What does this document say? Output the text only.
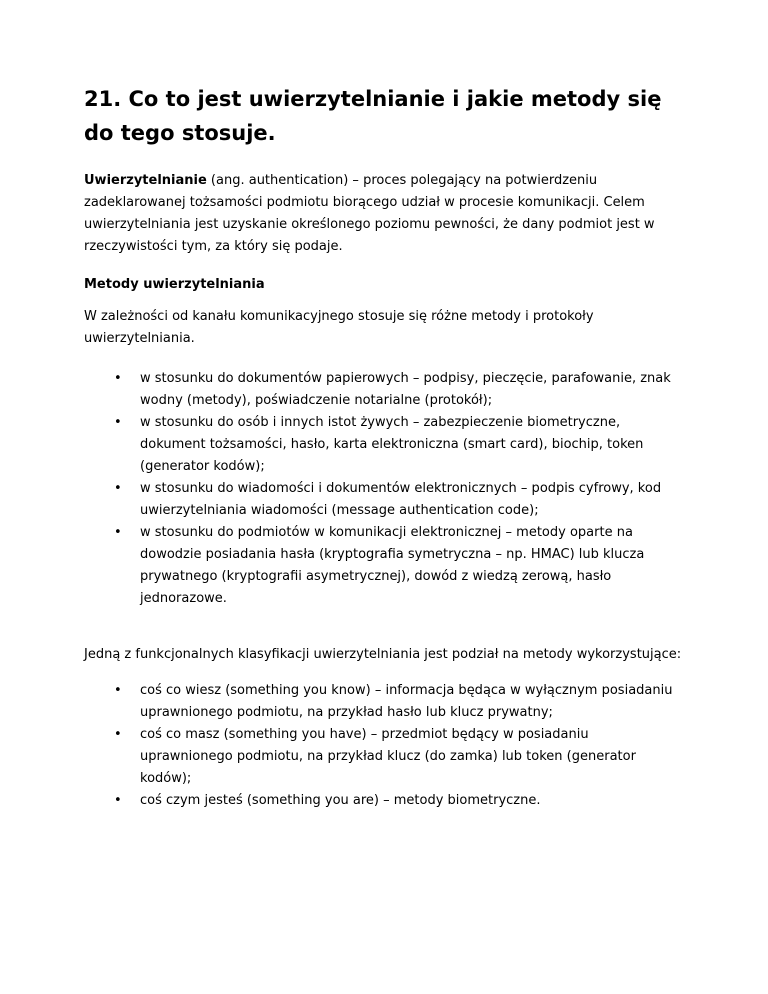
21. Co to jest uwierzytelnianie i jakie metody się do tego stosuje.

Uwierzytelnianie (ang. authentication) – proces polegający na potwierdzeniu zadeklarowanej tożsamości podmiotu biorącego udział w procesie komunikacji. Celem uwierzytelniania jest uzyskanie określonego poziomu pewności, że dany podmiot jest w rzeczywistości tym, za który się podaje.

Metody uwierzytelniania

W zależności od kanału komunikacyjnego stosuje się różne metody i protokoły uwierzytelniania.

• w stosunku do dokumentów papierowych – podpisy, pieczęcie, parafowanie, znak wodny (metody), poświadczenie notarialne (protokół);
• w stosunku do osób i innych istot żywych – zabezpieczenie biometryczne, dokument tożsamości, hasło, karta elektroniczna (smart card), biochip, token (generator kodów);
• w stosunku do wiadomości i dokumentów elektronicznych – podpis cyfrowy, kod uwierzytelniania wiadomości (message authentication code);
• w stosunku do podmiotów w komunikacji elektronicznej – metody oparte na dowodzie posiadania hasła (kryptografia symetryczna – np. HMAC) lub klucza prywatnego (kryptografii asymetrycznej), dowód z wiedzą zerową, hasło jednorazowe.

Jedną z funkcjonalnych klasyfikacji uwierzytelniania jest podział na metody wykorzystujące:

• coś co wiesz (something you know) – informacja będąca w wyłącznym posiadaniu uprawnionego podmiotu, na przykład hasło lub klucz prywatny;
• coś co masz (something you have) – przedmiot będący w posiadaniu uprawnionego podmiotu, na przykład klucz (do zamka) lub token (generator kodów);
• coś czym jesteś (something you are) – metody biometryczne.
